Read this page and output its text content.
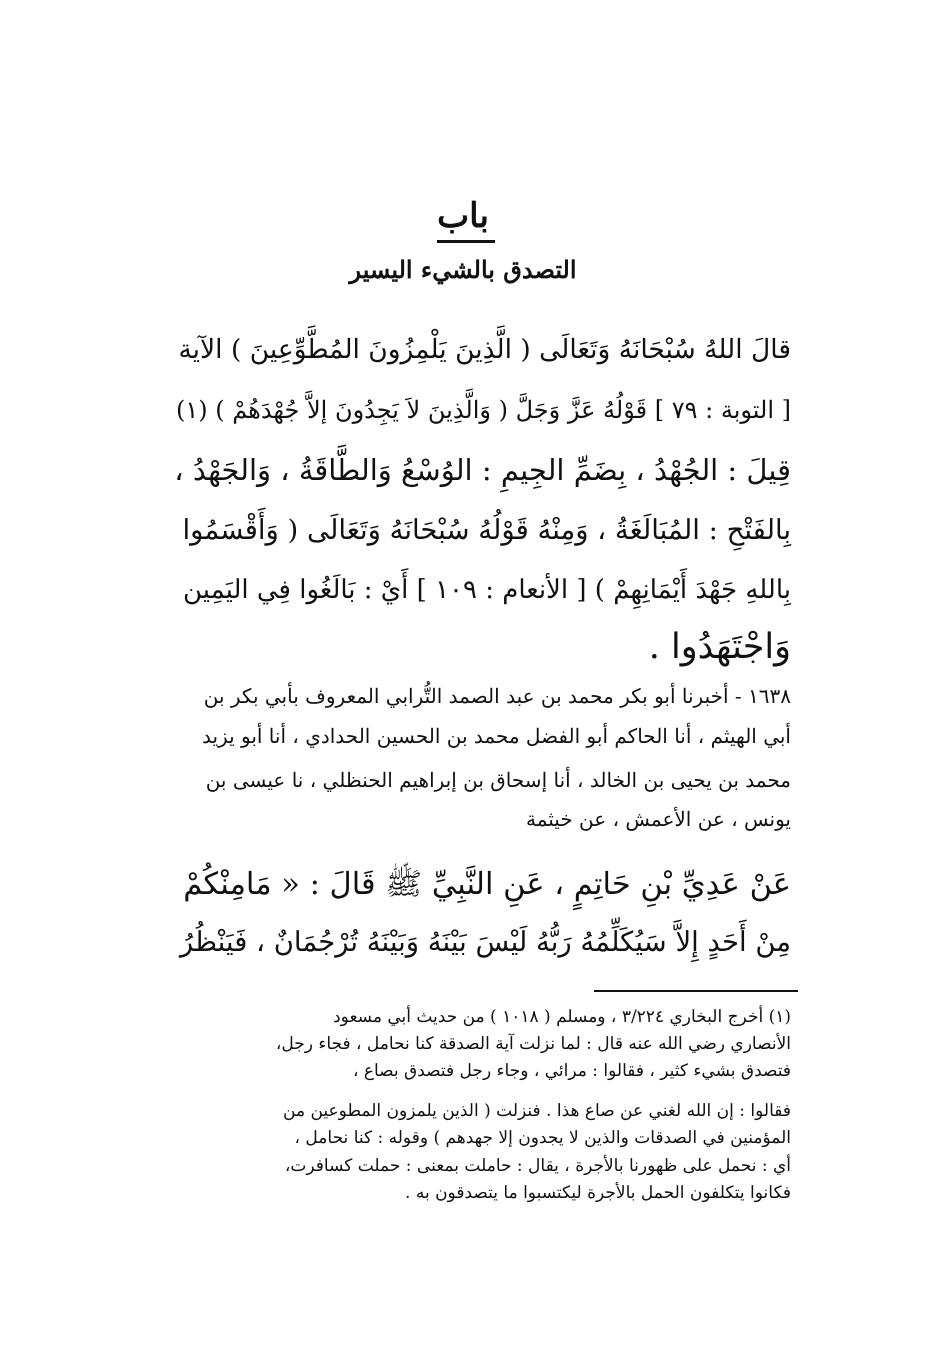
باب
التصدق بالشيء اليسير
قالَ اللهُ سُبْحَانَهُ وَتَعَالَى ( الَّذِينَ يَلْمِزُونَ المُطَّوِّعِينَ ) الآية
[ التوبة : ٧٩ ] قَوْلُهُ عَزَّ وَجَلَّ ( وَالَّذِينَ لاَ يَجِدُونَ إلاَّ جُهْدَهُمْ ) (١)
قِيلَ : الجُهْدُ ، بِضَمِّ الجِيمِ : الوُسْعُ وَالطَّاقَةُ ، وَالجَهْدُ ،
بِالفَتْحِ : المُبَالَغَةُ ، وَمِنْهُ قَوْلُهُ سُبْحَانَهُ وَتَعَالَى ( وَأَقْسَمُوا
بِاللهِ جَهْدَ أَيْمَانِهِمْ ) [ الأنعام : ١٠٩ ] أَيْ : بَالَغُوا فِي اليَمِين
وَاجْتَهَدُوا .
١٦٣٨ - أخبرنا أبو بكر محمد بن عبد الصمد التُّرابي المعروف بأبي بكر بن
أبي الهيثم ، أنا الحاكم أبو الفضل محمد بن الحسين الحدادي ، أنا أبو يزيد
محمد بن يحيى بن الخالد ، أنا إسحاق بن إبراهيم الحنظلي ، نا عيسى بن
يونس ، عن الأعمش ، عن خيثمة
عَنْ عَدِيِّ بْنِ حَاتِمٍ ، عَنِ النَّبِيِّ ﷺ قَالَ : « مَامِنْكُمْ
مِنْ أَحَدٍ إِلاَّ سَيُكَلِّمُهُ رَبُّهُ لَيْسَ بَيْنَهُ وَبَيْنَهُ تُرْجُمَانٌ ، فَيَنْظُرُ
(١) أخرج البخاري ٣/٢٢٤ ، ومسلم ( ١٠١٨ ) من حديث أبي مسعود
الأنصاري رضي الله عنه قال : لما نزلت آية الصدقة كنا نحامل ، فجاء رجل،
فتصدق بشيء كثير ، فقالوا : مرائي ، وجاء رجل فتصدق بصاع ،
فقالوا : إن الله لغني عن صاع هذا . فنزلت ( الذين يلمزون المطوعين من
المؤمنين في الصدقات والذين لا يجدون إلا جهدهم ) وقوله : كنا نحامل ،
أي : نحمل على ظهورنا بالأجرة ، يقال : حاملت بمعنى : حملت كسافرت،
فكانوا يتكلفون الحمل بالأجرة ليكتسبوا ما يتصدقون به .
